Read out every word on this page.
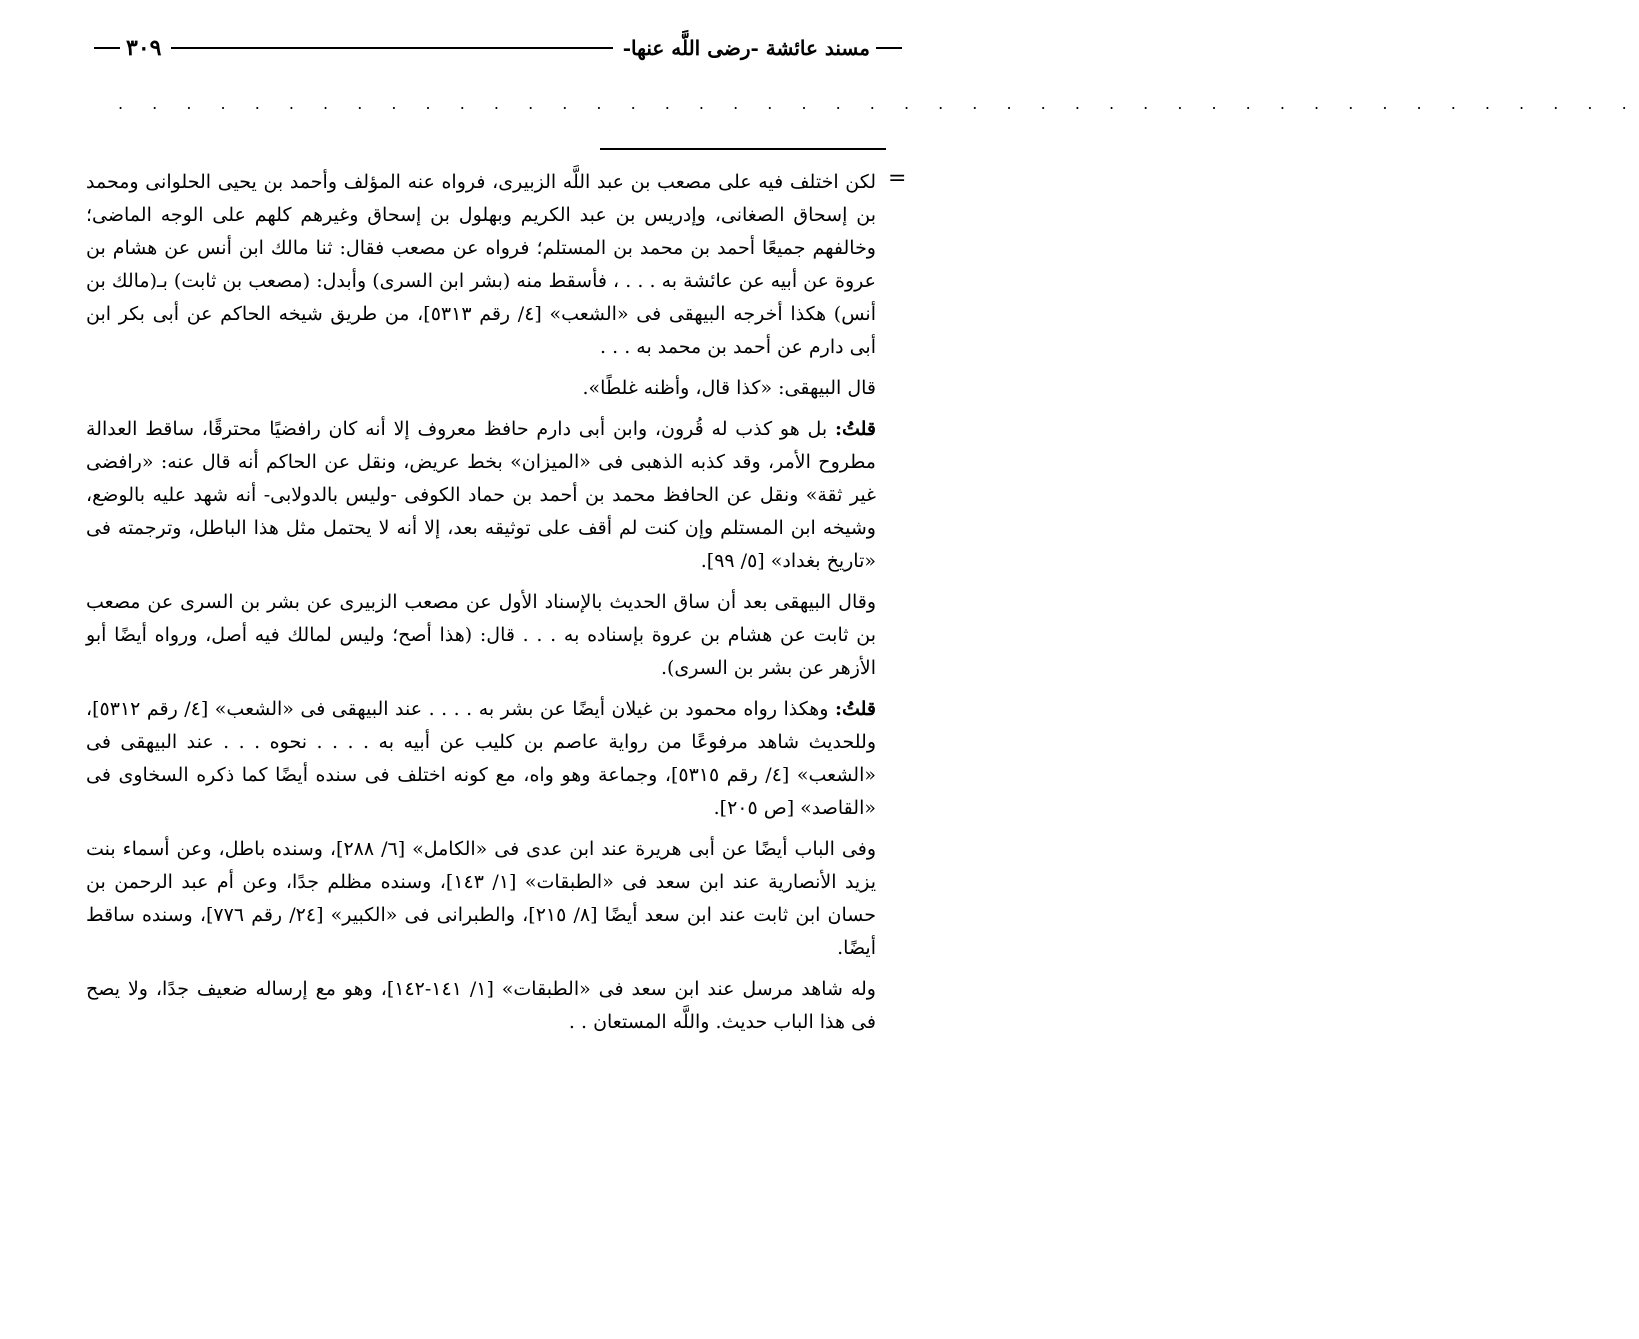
مسند عائشة -رضى اللَّه عنها-
٣٠٩
. . . . . . . . . . . . . . . . . . . . . . . . . . . . . . . . . . . . . . . . . . . . .
=

لكن اختلف فيه على مصعب بن عبد اللَّه الزبيرى، فرواه عنه المؤلف وأحمد بن يحيى الحلوانى ومحمد بن إسحاق الصغانى، وإدريس بن عبد الكريم وبهلول بن إسحاق وغيرهم كلهم على الوجه الماضى؛ وخالفهم جميعًا أحمد بن محمد بن المستلم؛ فرواه عن مصعب فقال: ثنا مالك ابن أنس عن هشام بن عروة عن أبيه عن عائشة به . . . ، فأسقط منه (بشر ابن السرى) وأبدل: (مصعب بن ثابت) بـ(مالك بن أنس) هكذا أخرجه البيهقى فى «الشعب» [٤/ رقم ٥٣١٣]، من طريق شيخه الحاكم عن أبى بكر ابن أبى دارم عن أحمد بن محمد به . . .

قال البيهقى: «كذا قال، وأظنه غلطًا».

قلتُ: بل هو كذب له قُرون، وابن أبى دارم حافظ معروف إلا أنه كان رافضيًا محترقًا، ساقط العدالة مطروح الأمر، وقد كذبه الذهبى فى «الميزان» بخط عريض، ونقل عن الحاكم أنه قال عنه: «رافضى غير ثقة» ونقل عن الحافظ محمد بن أحمد بن حماد الكوفى -وليس بالدولابى- أنه شهد عليه بالوضع، وشيخه ابن المستلم وإن كنت لم أقف على توثيقه بعد، إلا أنه لا يحتمل مثل هذا الباطل، وترجمته فى «تاريخ بغداد» [٥/ ٩٩].

وقال البيهقى بعد أن ساق الحديث بالإسناد الأول عن مصعب الزبيرى عن بشر بن السرى عن مصعب بن ثابت عن هشام بن عروة بإسناده به . . . قال: (هذا أصح؛ وليس لمالك فيه أصل، ورواه أيضًا أبو الأزهر عن بشر بن السرى).

قلتُ: وهكذا رواه محمود بن غيلان أيضًا عن بشر به . . . . عند البيهقى فى «الشعب» [٤/ رقم ٥٣١٢]، وللحديث شاهد مرفوعًا من رواية عاصم بن كليب عن أبيه به . . . . نحوه . . . عند البيهقى فى «الشعب» [٤/ رقم ٥٣١٥]، وجماعة وهو واه، مع كونه اختلف فى سنده أيضًا كما ذكره السخاوى فى «القاصد» [ص ٢٠٥].

وفى الباب أيضًا عن أبى هريرة عند ابن عدى فى «الكامل» [٦/ ٢٨٨]، وسنده باطل، وعن أسماء بنت يزيد الأنصارية عند ابن سعد فى «الطبقات» [١/ ١٤٣]، وسنده مظلم جدًا، وعن أم عبد الرحمن بن حسان ابن ثابت عند ابن سعد أيضًا [٨/ ٢١٥]، والطبرانى فى «الكبير» [٢٤/ رقم ٧٧٦]، وسنده ساقط أيضًا.

وله شاهد مرسل عند ابن سعد فى «الطبقات» [١/ ١٤١-١٤٢]، وهو مع إرساله ضعيف جدًا، ولا يصح فى هذا الباب حديث. واللَّه المستعان . .
